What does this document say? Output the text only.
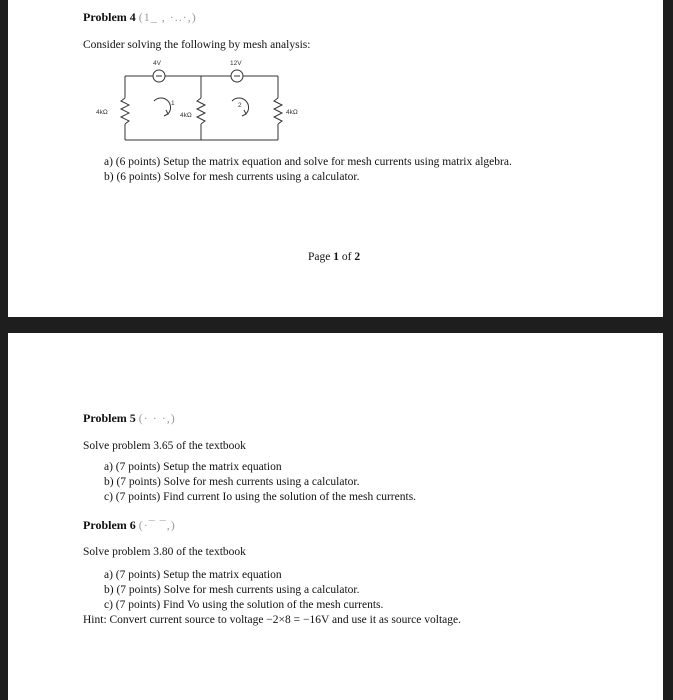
Problem 4 (1_ , ·..·,)
Consider solving the following by mesh analysis:
4V	12V
4kΩ	4kΩ	4kΩ
1	2
a) (6 points) Setup the matrix equation and solve for mesh currents using matrix algebra.
b) (6 points) Solve for mesh currents using a calculator.
Page 1 of 2
Problem 5 (· · ·,)
Solve problem 3.65 of the textbook
a) (7 points) Setup the matrix equation
b) (7 points) Solve for mesh currents using a calculator.
c) (7 points) Find current Io using the solution of the mesh currents.
Problem 6 (·¯ ¯,)
Solve problem 3.80 of the textbook
a) (7 points) Setup the matrix equation
b) (7 points) Solve for mesh currents using a calculator.
c) (7 points) Find Vo using the solution of the mesh currents.
Hint: Convert current source to voltage −2×8 = −16V and use it as source voltage.
